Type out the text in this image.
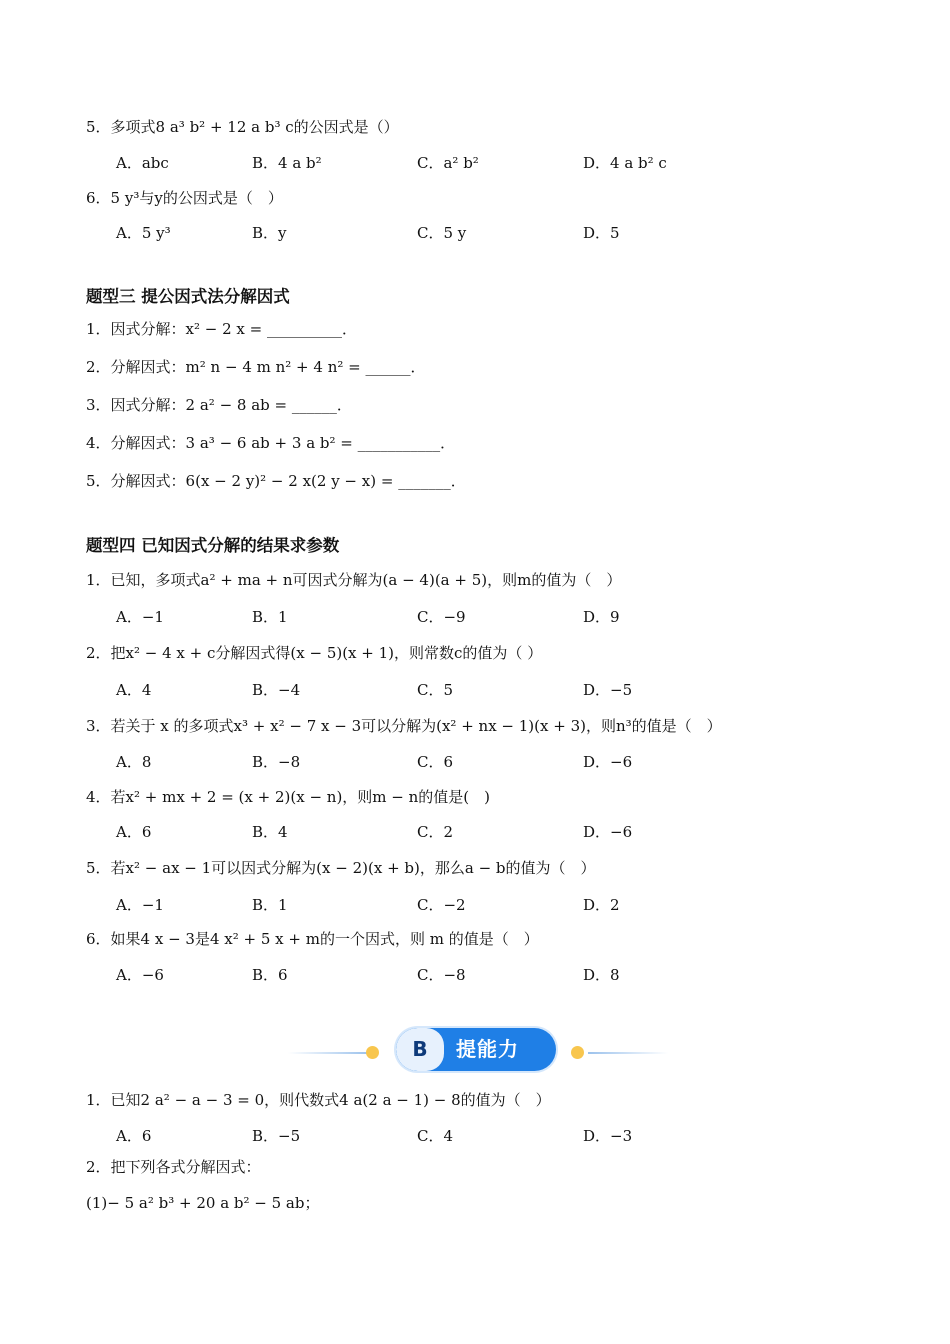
5．多项式8 a³ b² + 12 a b³ c的公因式是（）
A．abc	B．4 a b²	C．a² b²	D．4 a b² c
6．5 y³与y的公因式是（　）
A．5 y³	B．y	C．5 y	D．5
题型三 提公因式法分解因式
1．因式分解：x² − 2 x = __________．
2．分解因式：m² n − 4 m n² + 4 n² = ______．
3．因式分解：2 a² − 8 ab = ______．
4．分解因式：3 a³ − 6 ab + 3 a b² = ___________．
5．分解因式：6(x − 2 y)² − 2 x(2 y − x) = _______．
题型四 已知因式分解的结果求参数
1．已知，多项式a² + ma + n可因式分解为(a − 4)(a + 5)，则m的值为（　）
A．−1	B．1	C．−9	D．9
2．把x² − 4 x + c分解因式得(x − 5)(x + 1)，则常数c的值为（ ）
A．4	B．−4	C．5	D．−5
3．若关于 x 的多项式x³ + x² − 7 x − 3可以分解为(x² + nx − 1)(x + 3)，则n³的值是（　）
A．8	B．−8	C．6	D．−6
4．若x² + mx + 2 = (x + 2)(x − n)，则m − n的值是(　)
A．6	B．4	C．2	D．−6
5．若x² − ax − 1可以因式分解为(x − 2)(x + b)，那么a − b的值为（　）
A．−1	B．1	C．−2	D．2
6．如果4 x − 3是4 x² + 5 x + m的一个因式，则 m 的值是（　）
A．−6	B．6	C．−8	D．8
B	提能力
1．已知2 a² − a − 3 = 0，则代数式4 a(2 a − 1) − 8的值为（　）
A．6	B．−5	C．4	D．−3
2．把下列各式分解因式：
(1)− 5 a² b³ + 20 a b² − 5 ab；
